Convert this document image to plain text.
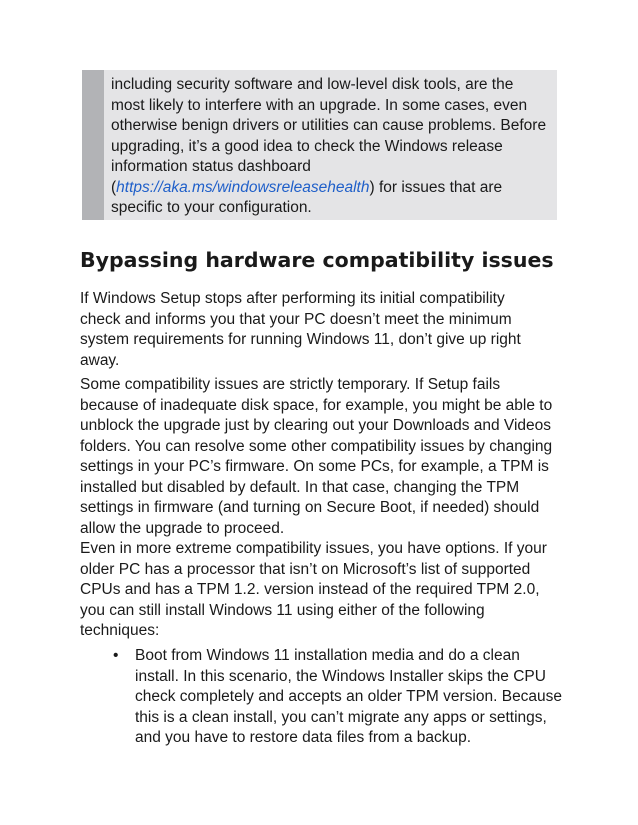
including security software and low-level disk tools, are the
most likely to interfere with an upgrade. In some cases, even
otherwise benign drivers or utilities can cause problems. Before
upgrading, it’s a good idea to check the Windows release
information status dashboard
(https://aka.ms/windowsreleasehealth) for issues that are
specific to your configuration.
Bypassing hardware compatibility issues

If Windows Setup stops after performing its initial compatibility
check and informs you that your PC doesn’t meet the minimum
system requirements for running Windows 11, don’t give up right
away.

Some compatibility issues are strictly temporary. If Setup fails
because of inadequate disk space, for example, you might be able to
unblock the upgrade just by clearing out your Downloads and Videos
folders. You can resolve some other compatibility issues by changing
settings in your PC’s firmware. On some PCs, for example, a TPM is
installed but disabled by default. In that case, changing the TPM
settings in firmware (and turning on Secure Boot, if needed) should
allow the upgrade to proceed.

Even in more extreme compatibility issues, you have options. If your
older PC has a processor that isn’t on Microsoft’s list of supported
CPUs and has a TPM 1.2. version instead of the required TPM 2.0,
you can still install Windows 11 using either of the following
techniques:

• Boot from Windows 11 installation media and do a clean
install. In this scenario, the Windows Installer skips the CPU
check completely and accepts an older TPM version. Because
this is a clean install, you can’t migrate any apps or settings,
and you have to restore data files from a backup.
